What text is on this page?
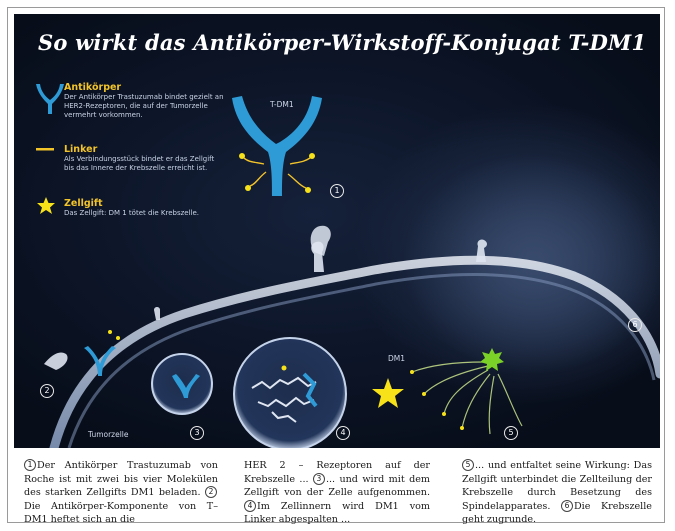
So wirkt das Antikörper-Wirkstoff-Konjugat T-DM1
Antikörper
Der Antikörper Trastuzumab bindet gezielt an HER2-Rezeptoren, die auf der Tumorzelle vermehrt vorkommen.
Linker
Als Verbindungsstück bindet er das Zellgift bis das Innere der Krebszelle erreicht ist.
Zellgift
Das Zellgift: DM 1 tötet die Krebszelle.
T-DM1
DM1
Tumorzelle
1
2
3	4	5
6

1 Der Antikörper Trastuzumab von Roche ist mit zwei bis vier Molekülen des starken Zellgifts DM1 beladen. 2Die Antikörper-Komponente von T–DM1 heftet sich an die

HER 2 – Rezeptoren auf der Krebszelle ... 3 ... und wird mit dem Zellgift von der Zelle aufgenommen. 4 Im Zellinnern wird DM1 vom Linker abgespalten ...

5 ... und entfaltet seine Wirkung: Das Zellgift unterbindet die Zellteilung der Krebszelle durch Besetzung des Spindelapparates. 6 Die Krebszelle geht zugrunde.
